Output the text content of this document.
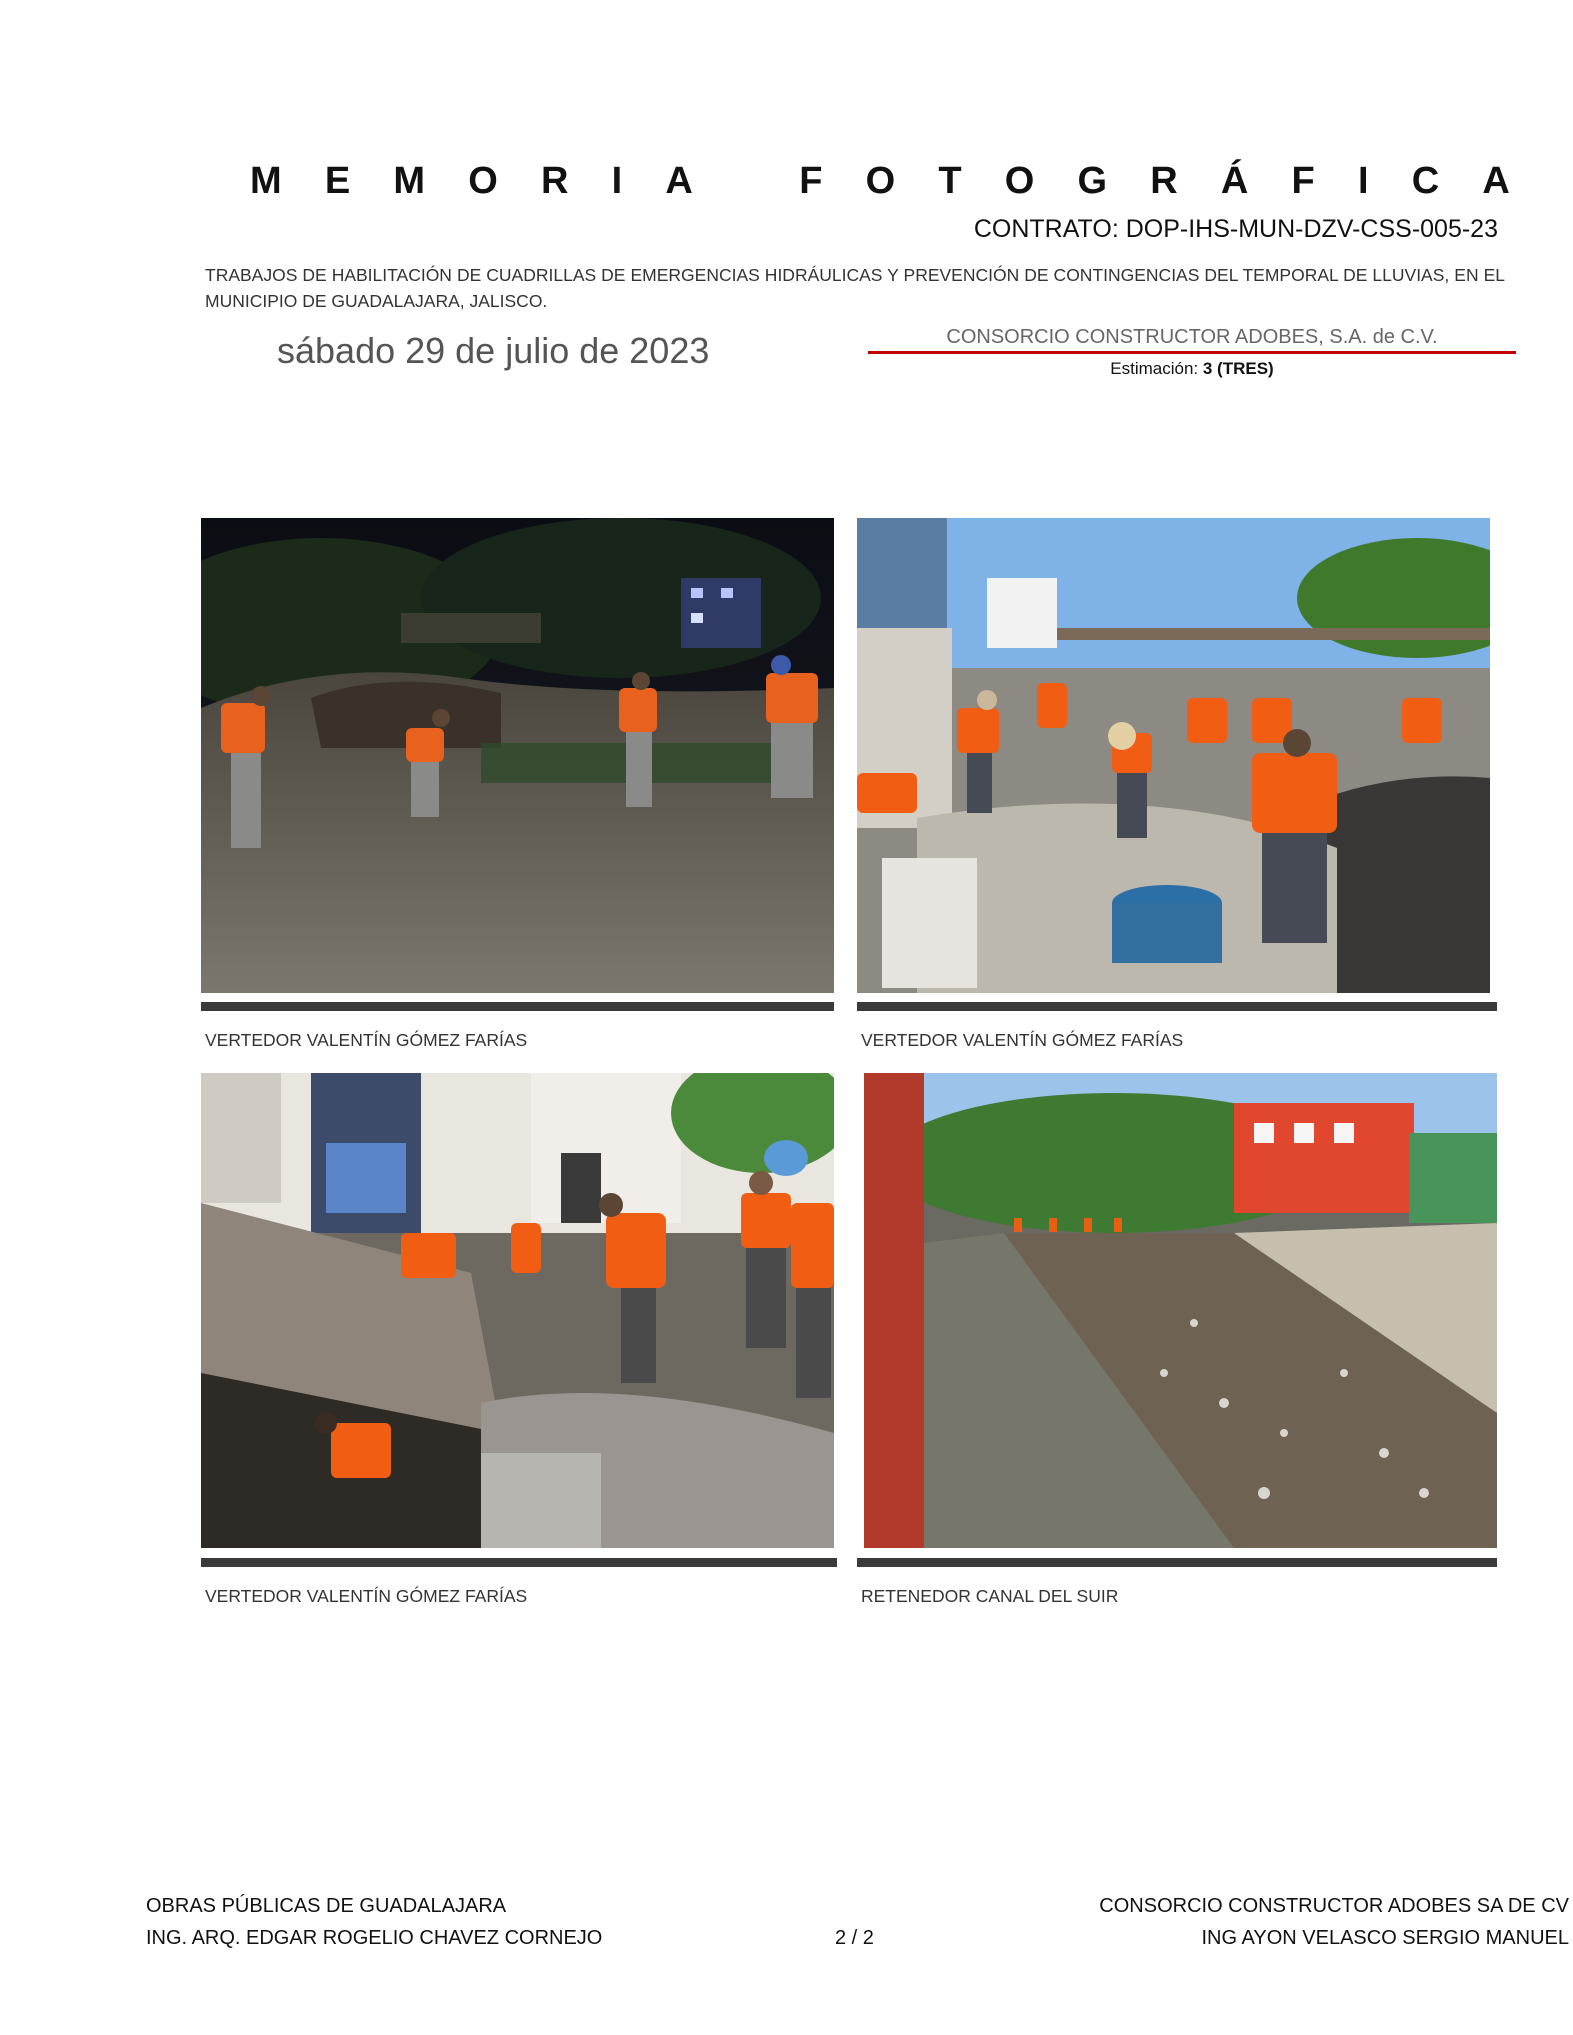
M E M O R I A	F O T O G R Á F I C A
CONTRATO: DOP-IHS-MUN-DZV-CSS-005-23
TRABAJOS DE HABILITACIÓN DE CUADRILLAS DE EMERGENCIAS HIDRÁULICAS Y PREVENCIÓN DE CONTINGENCIAS DEL TEMPORAL DE LLUVIAS, EN EL MUNICIPIO DE GUADALAJARA, JALISCO.
sábado 29 de julio de 2023	CONSORCIO CONSTRUCTOR ADOBES, S.A. de C.V.
Estimación: 3 (TRES)
VERTEDOR VALENTÍN GÓMEZ FARÍAS	VERTEDOR VALENTÍN GÓMEZ FARÍAS
VERTEDOR VALENTÍN GÓMEZ FARÍAS	RETENEDOR CANAL DEL SUIR
OBRAS PÚBLICAS DE GUADALAJARA
ING. ARQ. EDGAR ROGELIO CHAVEZ CORNEJO	2 / 2
CONSORCIO CONSTRUCTOR ADOBES SA DE CV
ING AYON VELASCO SERGIO MANUEL
